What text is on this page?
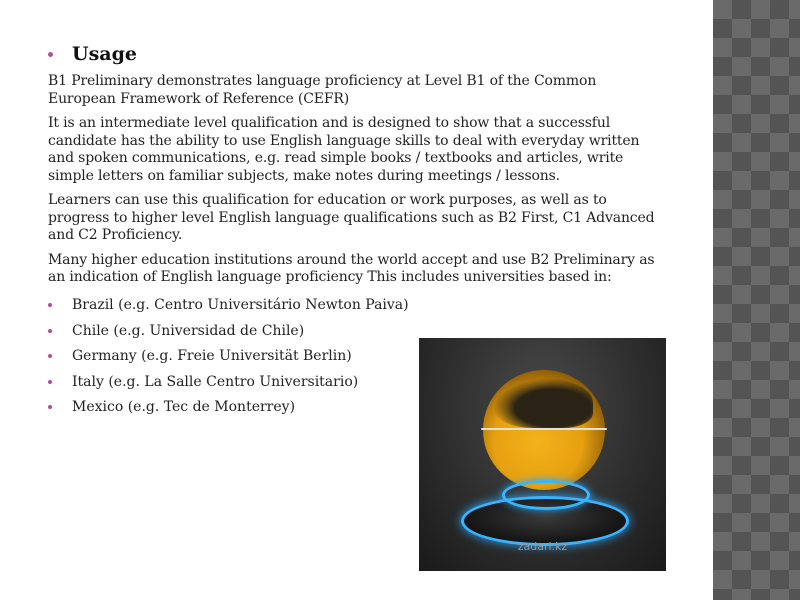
Usage

B1 Preliminary demonstrates language proficiency at Level B1 of the Common European Framework of Reference (CEFR)

It is an intermediate level qualification and is designed to show that a successful candidate has the ability to use English language skills to deal with everyday written and spoken communications, e.g. read simple books / textbooks and articles, write simple letters on familiar subjects, make notes during meetings / lessons.

Learners can use this qualification for education or work purposes, as well as to progress to higher level English language qualifications such as B2 First, C1 Advanced and C2 Proficiency.

Many higher education institutions around the world accept and use B2 Preliminary as an indication of English language proficiency This includes universities based in:

Brazil (e.g. Centro Universitário Newton Paiva)
Chile (e.g. Universidad de Chile)
Germany (e.g. Freie Universität Berlin)
Italy (e.g. La Salle Centro Universitario)
Mexico (e.g. Tec de Monterrey)
zadari.kz
